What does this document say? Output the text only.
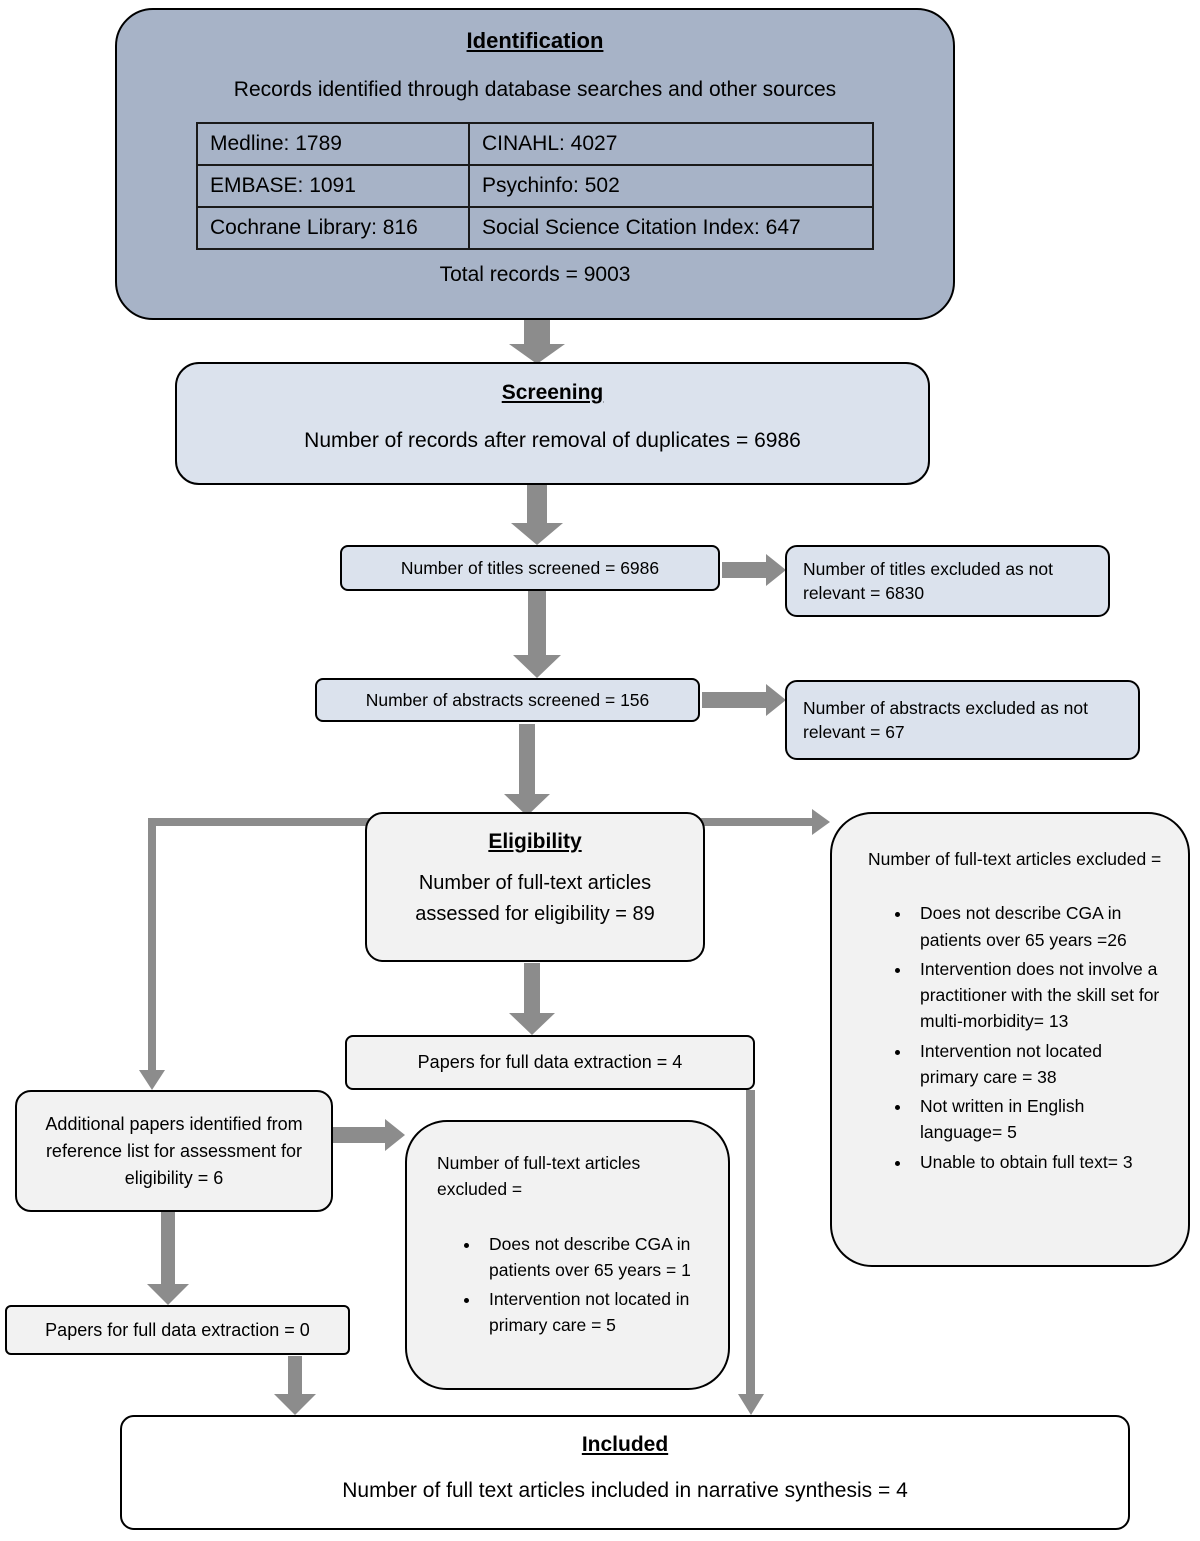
Identification
Records identified through database searches and other sources
Medline: 1789	CINAHL: 4027
EMBASE: 1091	Psychinfo: 502
Cochrane Library: 816	Social Science Citation Index: 647
Total records = 9003
Screening
Number of records after removal of duplicates = 6986
Number of titles screened = 6986	Number of titles excluded as not relevant = 6830
Number of abstracts screened = 156	Number of abstracts excluded as not relevant = 67
Eligibility
Number of full-text articles assessed for eligibility = 89
Number of full-text articles excluded =
• Does not describe CGA in patients over 65 years =26
• Intervention does not involve a practitioner with the skill set for multi-morbidity= 13
• Intervention not located primary care = 38
• Not written in English language= 5
• Unable to obtain full text= 3
Papers for full data extraction = 4
Additional papers identified from reference list for assessment for eligibility = 6
Number of full-text articles excluded =
• Does not describe CGA in patients over 65 years = 1
• Intervention not located in primary care = 5
Papers for full data extraction = 0
Included
Number of full text articles included in narrative synthesis = 4
